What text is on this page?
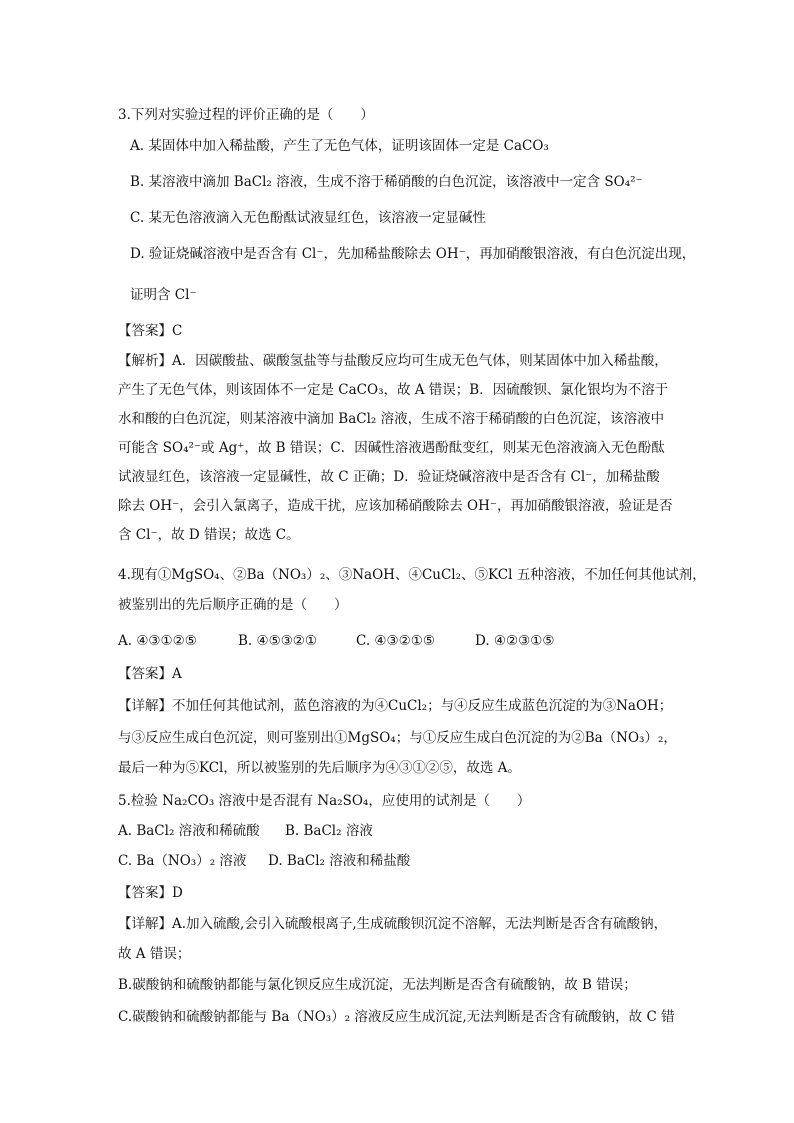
3.下列对实验过程的评价正确的是（　　）
A. 某固体中加入稀盐酸，产生了无色气体，证明该固体一定是 CaCO₃
B. 某溶液中滴加 BaCl₂ 溶液，生成不溶于稀硝酸的白色沉淀，该溶液中一定含 SO₄²⁻
C. 某无色溶液滴入无色酚酞试液显红色，该溶液一定显碱性
D. 验证烧碱溶液中是否含有 Cl⁻，先加稀盐酸除去 OH⁻，再加硝酸银溶液，有白色沉淀出现，
证明含 Cl⁻
【答案】C
【解析】A．因碳酸盐、碳酸氢盐等与盐酸反应均可生成无色气体，则某固体中加入稀盐酸，
产生了无色气体，则该固体不一定是 CaCO₃，故 A 错误；B．因硫酸钡、氯化银均为不溶于
水和酸的白色沉淀，则某溶液中滴加 BaCl₂ 溶液，生成不溶于稀硝酸的白色沉淀，该溶液中
可能含 SO₄²⁻或 Ag⁺，故 B 错误；C．因碱性溶液遇酚酞变红，则某无色溶液滴入无色酚酞
试液显红色，该溶液一定显碱性，故 C 正确；D．验证烧碱溶液中是否含有 Cl⁻，加稀盐酸
除去 OH⁻，会引入氯离子，造成干扰，应该加稀硝酸除去 OH⁻，再加硝酸银溶液，验证是否
含 Cl⁻，故 D 错误；故选 C。
4.现有①MgSO₄、②Ba（NO₃）₂、③NaOH、④CuCl₂、⑤KCl 五种溶液，不加任何其他试剂，
被鉴别出的先后顺序正确的是（　　）
A. ④③①②⑤	B. ④⑤③②①	C. ④③②①⑤	D. ④②③①⑤
【答案】A
【详解】不加任何其他试剂，蓝色溶液的为④CuCl₂；与④反应生成蓝色沉淀的为③NaOH；
与③反应生成白色沉淀，则可鉴别出①MgSO₄；与①反应生成白色沉淀的为②Ba（NO₃）₂，
最后一种为⑤KCl，所以被鉴别的先后顺序为④③①②⑤，故选 A。
5.检验 Na₂CO₃ 溶液中是否混有 Na₂SO₄，应使用的试剂是（　　）
A. BaCl₂ 溶液和稀硫酸 B. BaCl₂ 溶液
C. Ba（NO₃）₂ 溶液 D. BaCl₂ 溶液和稀盐酸
【答案】D
【详解】A.加入硫酸,会引入硫酸根离子,生成硫酸钡沉淀不溶解，无法判断是否含有硫酸钠，
故 A 错误；
B.碳酸钠和硫酸钠都能与氯化钡反应生成沉淀，无法判断是否含有硫酸钠，故 B 错误；
C.碳酸钠和硫酸钠都能与 Ba（NO₃）₂ 溶液反应生成沉淀,无法判断是否含有硫酸钠，故 C 错
